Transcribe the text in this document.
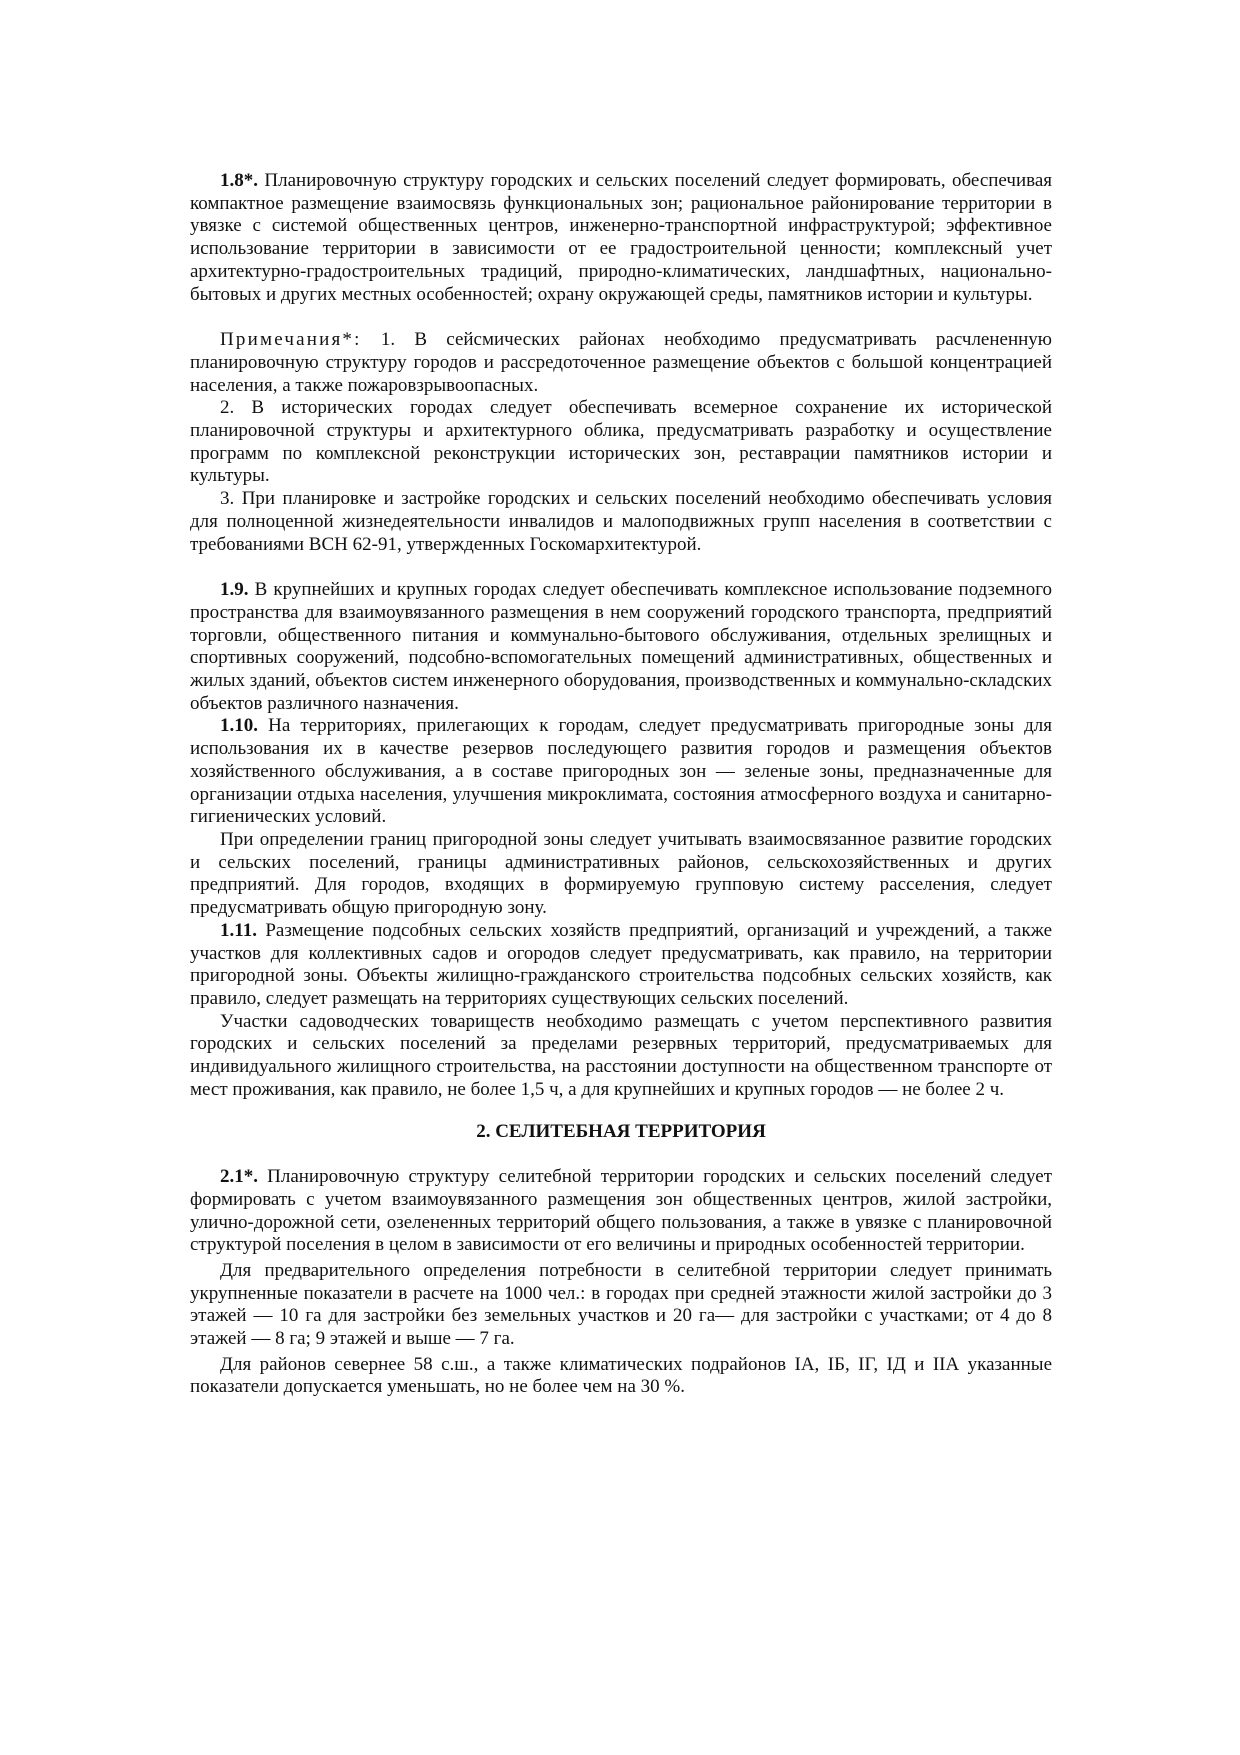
1.8*. Планировочную структуру городских и сельских поселений следует формировать, обеспечивая компактное размещение взаимосвязь функциональных зон; рациональное районирование территории в увязке с системой общественных центров, инженерно-транспортной инфраструктурой; эффективное использование территории в зависимости от ее градостроительной ценности; комплексный учет архитектурно-градостроительных традиций, природно-климатических, ландшафтных, национально-бытовых и других местных особенностей; охрану окружающей среды, памятников истории и культуры.

Примечания*: 1. В сейсмических районах необходимо предусматривать расчлененную планировочную структуру городов и рассредоточенное размещение объектов с большой концентрацией населения, а также пожаровзрывоопасных.

2. В исторических городах следует обеспечивать всемерное сохранение их исторической планировочной структуры и архитектурного облика, предусматривать разработку и осуществление программ по комплексной реконструкции исторических зон, реставрации памятников истории и культуры.

3. При планировке и застройке городских и сельских поселений необходимо обеспечивать условия для полноценной жизнедеятельности инвалидов и малоподвижных групп населения в соответствии с требованиями ВСН 62-91, утвержденных Госкомархитектурой.

1.9. В крупнейших и крупных городах следует обеспечивать комплексное использование подземного пространства для взаимоувязанного размещения в нем сооружений городского транспорта, предприятий торговли, общественного питания и коммунально-бытового обслуживания, отдельных зрелищных и спортивных сооружений, подсобно-вспомогательных помещений административных, общественных и жилых зданий, объектов систем инженерного оборудования, производственных и коммунально-складских объектов различного назначения.

1.10. На территориях, прилегающих к городам, следует предусматривать пригородные зоны для использования их в качестве резервов последующего развития городов и размещения объектов хозяйственного обслуживания, а в составе пригородных зон — зеленые зоны, предназначенные для организации отдыха населения, улучшения микроклимата, состояния атмосферного воздуха и санитарно-гигиенических условий.

При определении границ пригородной зоны следует учитывать взаимосвязанное развитие городских и сельских поселений, границы административных районов, сельскохозяйственных и других предприятий. Для городов, входящих в формируемую групповую систему расселения, следует предусматривать общую пригородную зону.

1.11. Размещение подсобных сельских хозяйств предприятий, организаций и учреждений, а также участков для коллективных садов и огородов следует предусматривать, как правило, на территории пригородной зоны. Объекты жилищно-гражданского строительства подсобных сельских хозяйств, как правило, следует размещать на территориях существующих сельских поселений.

Участки садоводческих товариществ необходимо размещать с учетом перспективного развития городских и сельских поселений за пределами резервных территорий, предусматриваемых для индивидуального жилищного строительства, на расстоянии доступности на общественном транспорте от мест проживания, как правило, не более 1,5 ч, а для крупнейших и крупных городов — не более 2 ч.

2. СЕЛИТЕБНАЯ ТЕРРИТОРИЯ

2.1*. Планировочную структуру селитебной территории городских и сельских поселений следует формировать с учетом взаимоувязанного размещения зон общественных центров, жилой застройки, улично-дорожной сети, озелененных территорий общего пользования, а также в увязке с планировочной структурой поселения в целом в зависимости от его величины и природных особенностей территории.

Для предварительного определения потребности в селитебной территории следует принимать укрупненные показатели в расчете на 1000 чел.: в городах при средней этажности жилой застройки до 3 этажей — 10 га для застройки без земельных участков и 20 га— для застройки с участками; от 4 до 8 этажей — 8 га; 9 этажей и выше — 7 га.

Для районов севернее 58 с.ш., а также климатических подрайонов IА, IБ, IГ, IД и IIА указанные показатели допускается уменьшать, но не более чем на 30 %.
